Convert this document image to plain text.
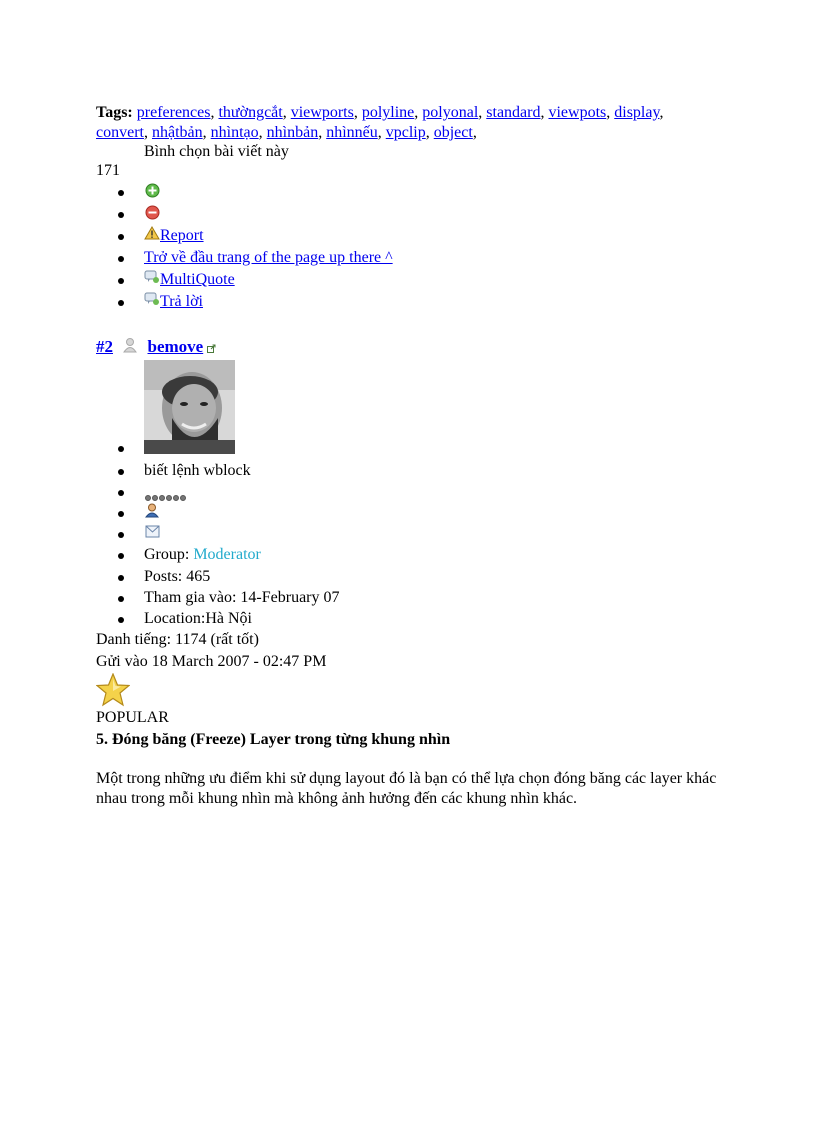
Tags: preferences, thườngcắt, viewports, polyline, polyonal, standard, viewpots, display, convert, nhậtbản, nhìntạo, nhìnbản, nhìnnếu, vpclip, object,
Bình chọn bài viết này
171
Report
Trở về đầu trang of the page up there ^
MultiQuote
Trả lời
#2 bemove
biết lệnh wblock
Group: Moderator
Posts: 465
Tham gia vào: 14-February 07
Location:Hà Nội
Danh tiếng: 1174 (rất tốt)
Gửi vào 18 March 2007 - 02:47 PM
POPULAR
5. Đóng băng (Freeze) Layer trong từng khung nhìn
Một trong những ưu điểm khi sử dụng layout đó là bạn có thể lựa chọn đóng băng các layer khác nhau trong mỗi khung nhìn mà không ảnh hưởng đến các khung nhìn khác.
